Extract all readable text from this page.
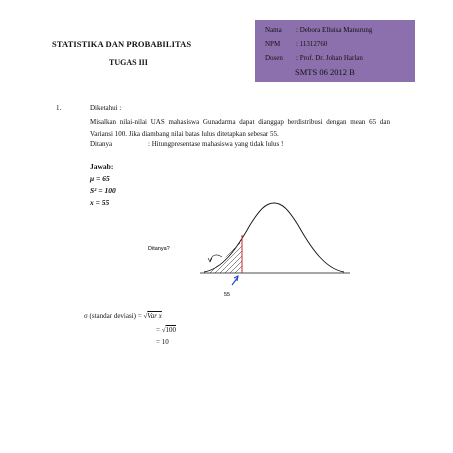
STATISTIKA DAN PROBABILITAS
TUGAS III
Nama : Debora Elluisa Manurung
NPM : 11312760
Dosen : Prof. Dr. Johan Harlan
SMTS 06 2012 B
1.	Diketahui :
Misalkan nilai-nilai UAS mahasiswa Gunadarma dapat dianggap berdistribusi dengan mean 65 dan Variansi 100. Jika diambang nilai batas lulus ditetapkan sebesar 55.
Ditanya	: Hitungpresentase mahasiswa yang tidak lulus !
Jawab:
μ = 65
S² = 100
x = 55
Ditanya?
55
σ (standar deviasi) = √Var x
= √100
= 10
